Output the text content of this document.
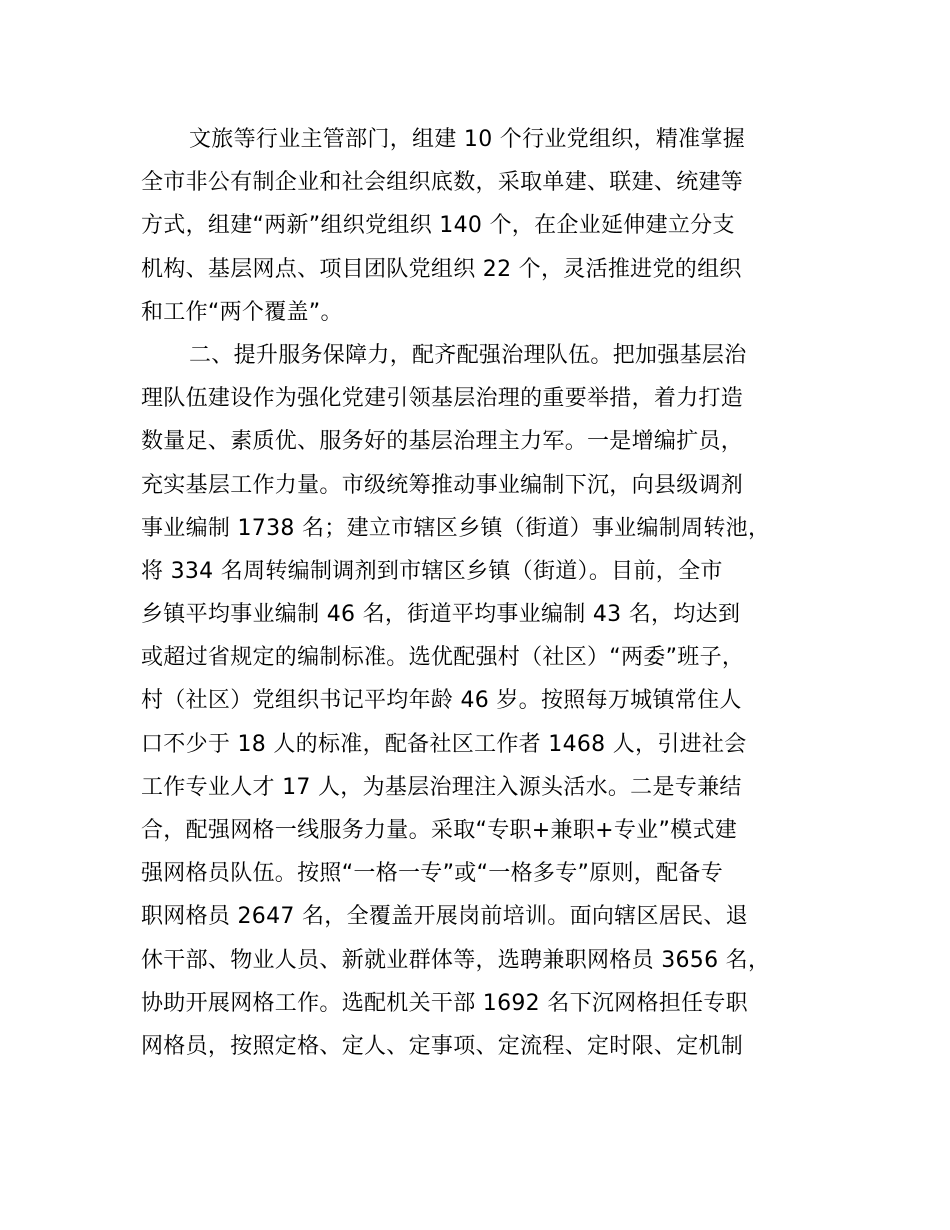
文旅等行业主管部门，组建 10 个行业党组织，精准掌握
全市非公有制企业和社会组织底数，采取单建、联建、统建等
方式，组建“两新”组织党组织 140 个，在企业延伸建立分支
机构、基层网点、项目团队党组织 22 个，灵活推进党的组织
和工作“两个覆盖”。
二、提升服务保障力，配齐配强治理队伍。把加强基层治
理队伍建设作为强化党建引领基层治理的重要举措，着力打造
数量足、素质优、服务好的基层治理主力军。一是增编扩员，
充实基层工作力量。市级统筹推动事业编制下沉，向县级调剂
事业编制 1738 名；建立市辖区乡镇（街道）事业编制周转池，
将 334 名周转编制调剂到市辖区乡镇（街道）。目前，全市
乡镇平均事业编制 46 名，街道平均事业编制 43 名，均达到
或超过省规定的编制标准。选优配强村（社区）“两委”班子，
村（社区）党组织书记平均年龄 46 岁。按照每万城镇常住人
口不少于 18 人的标准，配备社区工作者 1468 人，引进社会
工作专业人才 17 人，为基层治理注入源头活水。二是专兼结
合，配强网格一线服务力量。采取“专职+兼职+专业”模式建
强网格员队伍。按照“一格一专”或“一格多专”原则，配备专
职网格员 2647 名，全覆盖开展岗前培训。面向辖区居民、退
休干部、物业人员、新就业群体等，选聘兼职网格员 3656 名，
协助开展网格工作。选配机关干部 1692 名下沉网格担任专职
网格员，按照定格、定人、定事项、定流程、定时限、定机制
